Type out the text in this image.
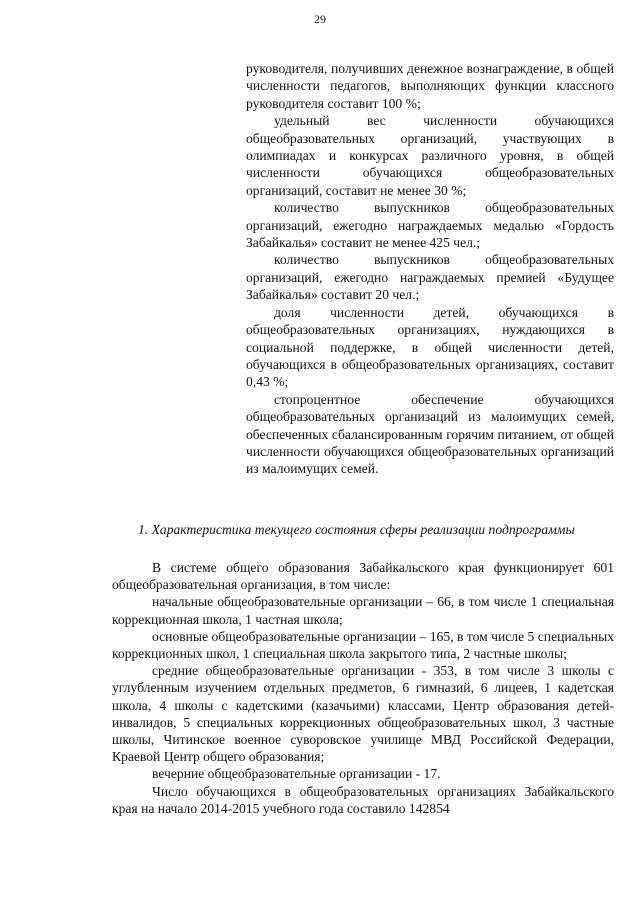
29

руководителя, получивших денежное вознаграждение, в общей численности педагогов, выполняющих функции классного руководителя составит 100 %;

удельный вес численности обучающихся общеобразовательных организаций, участвующих в олимпиадах и конкурсах различного уровня, в общей численности обучающихся общеобразовательных организаций, составит не менее 30 %;

количество выпускников общеобразовательных организаций, ежегодно награждаемых медалью «Гордость Забайкалья» составит не менее 425 чел.;

количество выпускников общеобразовательных организаций, ежегодно награждаемых премией «Будущее Забайкалья» составит 20 чел.;

доля численности детей, обучающихся в общеобразовательных организациях, нуждающихся в социальной поддержке, в общей численности детей, обучающихся в общеобразовательных организациях, составит 0,43 %;

стопроцентное обеспечение обучающихся общеобразовательных организаций из малоимущих семей, обеспеченных сбалансированным горячим питанием, от общей численности обучающихся общеобразовательных организаций из малоимущих семей.

1. Характеристика текущего состояния сферы реализации подпрограммы

В системе общего образования Забайкальского края функционирует 601 общеобразовательная организация, в том числе:

начальные общеобразовательные организации – 66, в том числе 1 специальная коррекционная школа, 1 частная школа;

основные общеобразовательные организации – 165, в том числе 5 специальных коррекционных школ, 1 специальная школа закрытого типа, 2 частные школы;

средние общеобразовательные организации - 353, в том числе 3 школы с углубленным изучением отдельных предметов, 6 гимназий, 6 лицеев, 1 кадетская школа, 4 школы с кадетскими (казачьими) классами, Центр образования детей-инвалидов, 5 специальных коррекционных общеобразовательных школ, 3 частные школы, Читинское военное суворовское училище МВД Российской Федерации, Краевой Центр общего образования;

вечерние общеобразовательные организации - 17.

Число обучающихся в общеобразовательных организациях Забайкальского края на начало 2014-2015 учебного года составило 142854
